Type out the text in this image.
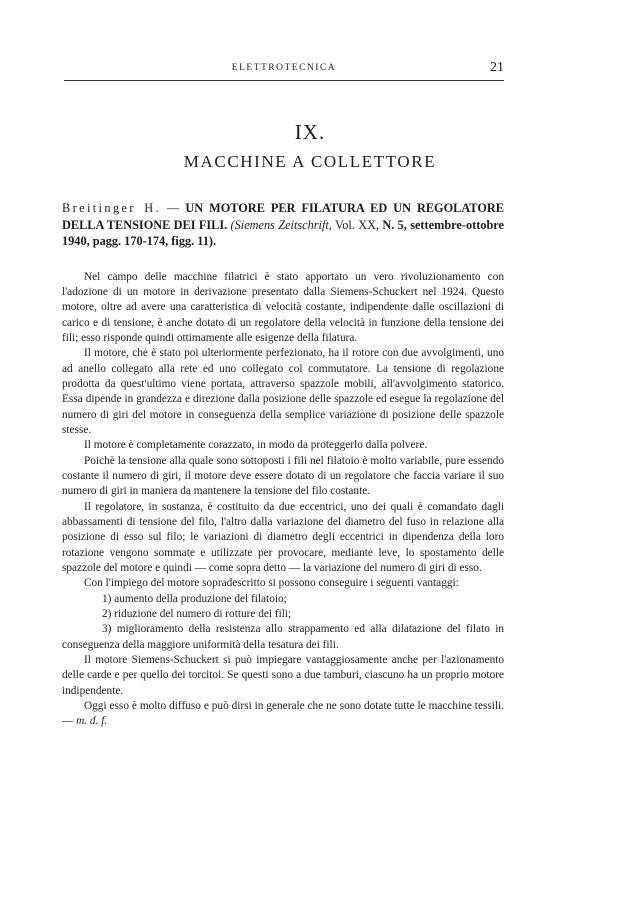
ELETTROTECNICA	21
IX.
MACCHINE A COLLETTORE

Breitinger H. — UN MOTORE PER FILATURA ED UN REGOLATORE DELLA TENSIONE DEI FILI. (Siemens Zeitschrift, Vol. XX, N. 5, settembre-ottobre 1940, pagg. 170-174, figg. 11).

Nel campo delle macchine filatrici è stato apportato un vero rivoluzionamento con l'adozione di un motore in derivazione presentato dalla Siemens-Schuckert nel 1924. Questo motore, oltre ad avere una caratteristica di velocità costante, indipendente dalle oscillazioni di carico e di tensione, è anche dotato di un regolatore della velocità in funzione della tensione dei fili; esso risponde quindi ottimamente alle esigenze della filatura.

Il motore, che è stato poi ulteriormente perfezionato, ha il rotore con due avvolgimenti, uno ad anello collegato alla rete ed uno collegato col commutatore. La tensione di regolazione prodotta da quest'ultimo viene portata, attraverso spazzole mobili, all'avvolgimento statorico. Essa dipende in grandezza e direzione dalla posizione delle spazzole ed esegue la regolazione del numero di giri del motore in conseguenza della semplice variazione di posizione delle spazzole stesse.

Il motore è completamente corazzato, in modo da proteggerlo dalla polvere.

Poichè la tensione alla quale sono sottoposti i fili nel filatoio è molto variabile, pure essendo costante il numero di giri, il motore deve essere dotato di un regolatore che faccia variare il suo numero di giri in maniera da mantenere la tensione del filo costante.

Il regolatore, in sostanza, è costituito da due eccentrici, uno dei quali è comandato dagli abbassamenti di tensione del filo, l'altro dalla variazione del diametro del fuso in relazione alla posizione di esso sul filo; le variazioni di diametro degli eccentrici in dipendenza della loro rotazione vengono sommate e utilizzate per provocare, mediante leve, lo spostamento delle spazzole del motore e quindi — come sopra detto — la variazione del numero di giri di esso.

Con l'impiego del motore sopradescritto si possono conseguire i seguenti vantaggi:

1) aumento della produzione del filatoio;
2) riduzione del numero di rotture dei fili;
3) miglioramento della resistenza allo strappamento ed alla dilatazione del filato in conseguenza della maggiore uniformità della tesatura dei fili.

Il motore Siemens-Schuckert si può impiegare vantaggiosamente anche per l'azionamento delle carde e per quello dei torcitoi. Se questi sono a due tamburi, ciascuno ha un proprio motore indipendente.

Oggi esso è molto diffuso e può dirsi in generale che ne sono dotate tutte le macchine tessili. — m. d. f.
